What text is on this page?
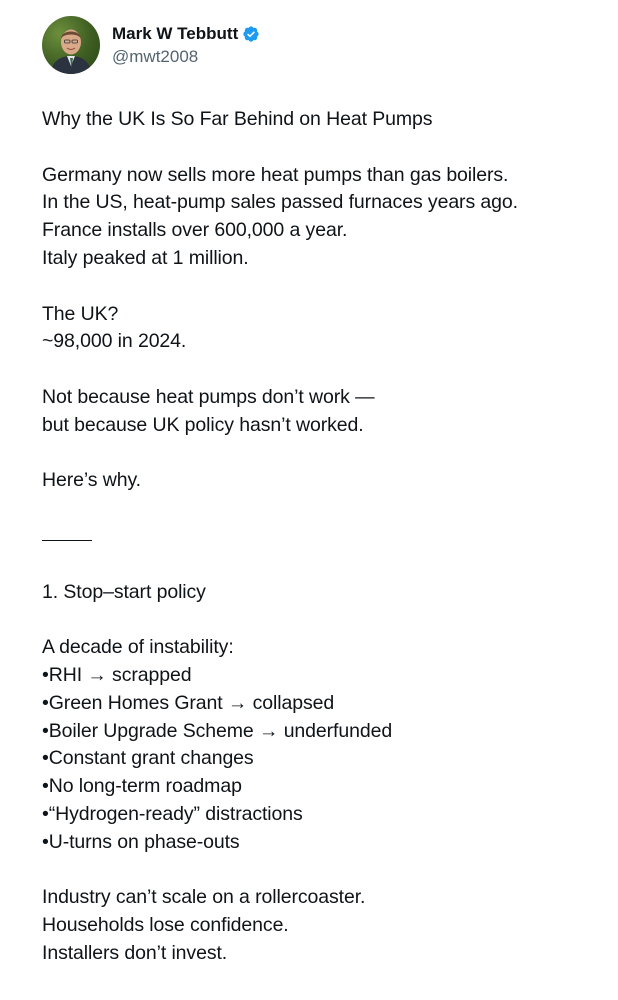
Mark W Tebbutt
@mwt2008
Why the UK Is So Far Behind on Heat Pumps
Germany now sells more heat pumps than gas boilers.
In the US, heat-pump sales passed furnaces years ago.
France installs over 600,000 a year.
Italy peaked at 1 million.
The UK?
~98,000 in 2024.
Not because heat pumps don’t work —
but because UK policy hasn’t worked.
Here’s why.
1. Stop–start policy
A decade of instability:
•RHI → scrapped
•Green Homes Grant → collapsed
•Boiler Upgrade Scheme → underfunded
•Constant grant changes
•No long-term roadmap
•“Hydrogen-ready” distractions
•U-turns on phase-outs
Industry can’t scale on a rollercoaster.
Households lose confidence.
Installers don’t invest.
